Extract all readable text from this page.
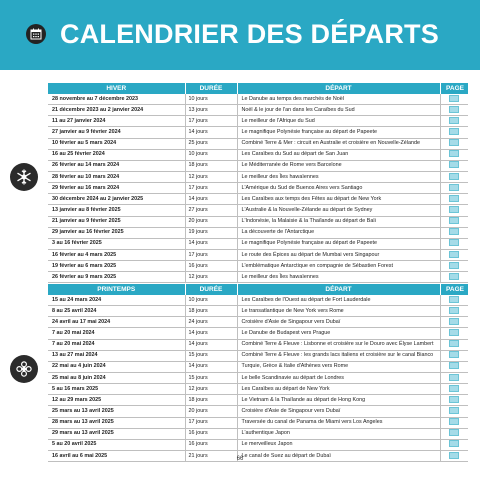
CALENDRIER DES DÉPARTS
HIVER	DURÉE	DÉPART	PAGE
28 novembre au 7 décembre 2023	10 jours	Le Danube au temps des marchés de Noël	
21 décembre 2023 au 2 janvier 2024	13 jours	Noël & le jour de l'an dans les Caraïbes du Sud	
11 au 27 janvier 2024	17 jours	Le meilleur de l'Afrique du Sud	
27 janvier au 9 février 2024	14 jours	Le magnifique Polynésie française au départ de Papeete	
10 février au 5 mars 2024	25 jours	Combiné Terre & Mer : circuit en Australie et croisière en Nouvelle-Zélande	
16 au 25 février 2024	10 jours	Les Caraïbes du Sud au départ de San Juan	
26 février au 14 mars 2024	18 jours	Le Méditerranée de Rome vers Barcelone	
28 février au 10 mars 2024	12 jours	Le meilleur des Îles hawaïennes	
29 février au 16 mars 2024	17 jours	L'Amérique du Sud de Buenos Aires vers Santiago	
30 décembre 2024 au 2 janvier 2025	14 jours	Les Caraïbes aux temps des Fêtes au départ de New York	
13 janvier au 8 février 2025	27 jours	L'Australie & la Nouvelle-Zélande au départ de Sydney	
21 janvier au 9 février 2025	20 jours	L'Indonésie, la Malaisie & la Thaïlande au départ de Bali	
29 janvier au 16 février 2025	19 jours	La découverte de l'Antarctique	
3 au 16 février 2025	14 jours	Le magnifique Polynésie française au départ de Papeete	
16 février au 4 mars 2025	17 jours	Le route des Épices au départ de Mumbai vers Singapour	
19 février au 6 mars 2025	16 jours	L'emblématique Antarctique en compagnie de Sébastien Forest	
26 février au 9 mars 2025	12 jours	Le meilleur des Îles hawaïennes	
PRINTEMPS	DURÉE	DÉPART	PAGE
15 au 24 mars 2024	10 jours	Les Caraïbes de l'Ouest au départ de Fort Lauderdale	
8 au 25 avril 2024	18 jours	Le transatlantique de New York vers Rome	
24 avril au 17 mai 2024	24 jours	Croisière d'Asie de Singapour vers Dubaï	
7 au 20 mai 2024	14 jours	Le Danube de Budapest vers Prague	
7 au 20 mai 2024	14 jours	Combiné Terre & Fleuve : Lisbonne et croisière sur le Douro avec Élyse Lambert	
13 au 27 mai 2024	15 jours	Combiné Terre & Fleuve : les grands lacs italiens et croisière sur le canal Bianco	
22 mai au 4 juin 2024	14 jours	Turquie, Grèce & Italie d'Athènes vers Rome	
25 mai au 8 juin 2024	15 jours	Le belle Scandinavie au départ de Londres	
5 au 16 mars 2025	12 jours	Les Caraïbes au départ de New York	
12 au 29 mars 2025	18 jours	Le Vietnam & la Thaïlande au départ de Hong Kong	
25 mars au 13 avril 2025	20 jours	Croisière d'Asie de Singapour vers Dubaï	
28 mars au 13 avril 2025	17 jours	Traversée du canal de Panama de Miami vers Los Angeles	
29 mars au 13 avril 2025	16 jours	L'authentique Japon	
5 au 20 avril 2025	16 jours	Le merveilleux Japon	
16 avril au 6 mai 2025	21 jours	Le canal de Suez au départ de Dubaï	
66
